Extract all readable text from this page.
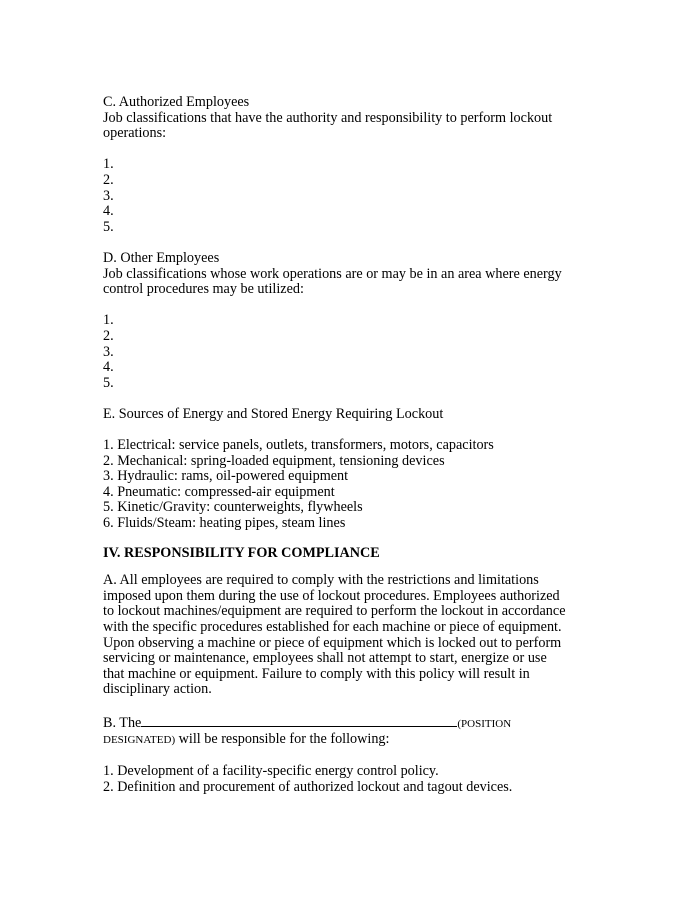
C. Authorized Employees
Job classifications that have the authority and responsibility to perform lockout
operations:
1.
2.
3.
4.
5.
D. Other Employees
Job classifications whose work operations are or may be in an area where energy
control procedures may be utilized:
1.
2.
3.
4.
5.
E. Sources of Energy and Stored Energy Requiring Lockout
1. Electrical: service panels, outlets, transformers, motors, capacitors
2. Mechanical: spring-loaded equipment, tensioning devices
3. Hydraulic: rams, oil-powered equipment
4. Pneumatic: compressed-air equipment
5. Kinetic/Gravity: counterweights, flywheels
6. Fluids/Steam: heating pipes, steam lines
IV. RESPONSIBILITY FOR COMPLIANCE
A. All employees are required to comply with the restrictions and limitations
imposed upon them during the use of lockout procedures. Employees authorized
to lockout machines/equipment are required to perform the lockout in accordance
with the specific procedures established for each machine or piece of equipment.
Upon observing a machine or piece of equipment which is locked out to perform
servicing or maintenance, employees shall not attempt to start, energize or use
that machine or equipment. Failure to comply with this policy will result in
disciplinary action.
B. The	(POSITION
DESIGNATED) will be responsible for the following:
1. Development of a facility-specific energy control policy.
2. Definition and procurement of authorized lockout and tagout devices.
